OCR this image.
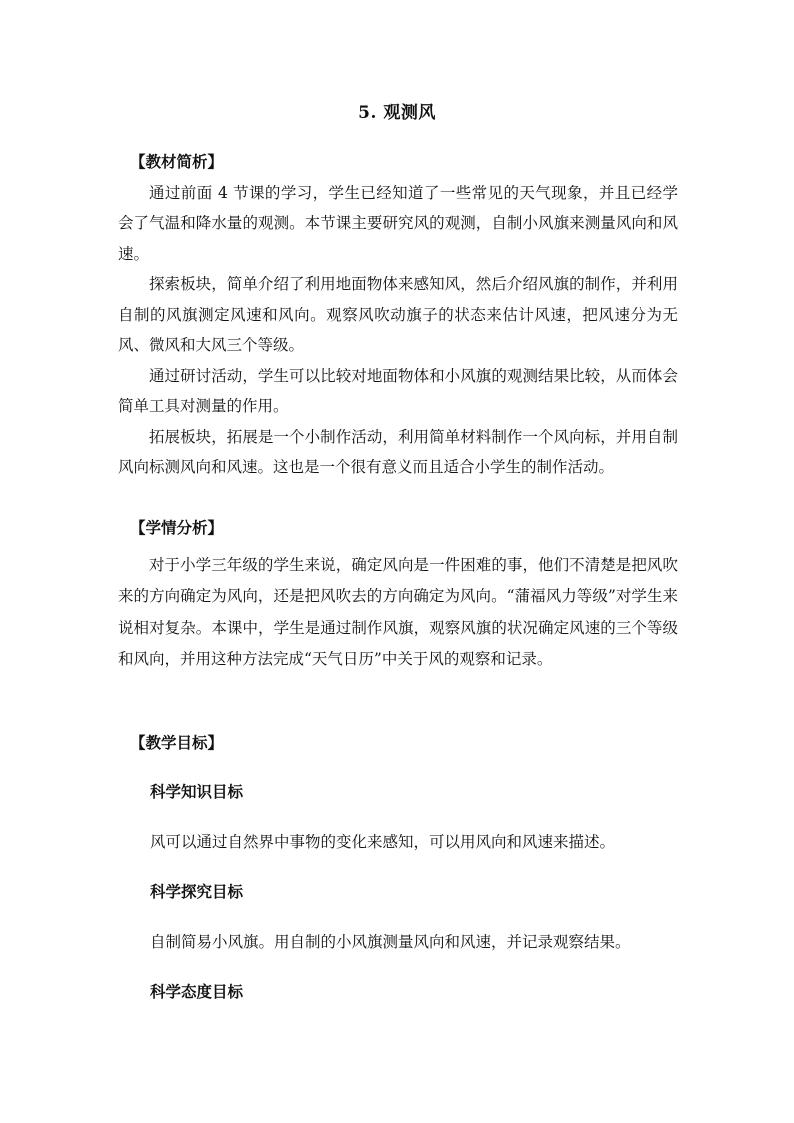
5. 观测风
【教材简析】

通过前面 4 节课的学习，学生已经知道了一些常见的天气现象，并且已经学会了气温和降水量的观测。本节课主要研究风的观测，自制小风旗来测量风向和风速。

探索板块，简单介绍了利用地面物体来感知风，然后介绍风旗的制作，并利用自制的风旗测定风速和风向。观察风吹动旗子的状态来估计风速，把风速分为无风、微风和大风三个等级。

通过研讨活动，学生可以比较对地面物体和小风旗的观测结果比较，从而体会简单工具对测量的作用。

拓展板块，拓展是一个小制作活动，利用简单材料制作一个风向标，并用自制风向标测风向和风速。这也是一个很有意义而且适合小学生的制作活动。

【学情分析】

对于小学三年级的学生来说，确定风向是一件困难的事，他们不清楚是把风吹来的方向确定为风向，还是把风吹去的方向确定为风向。“蒲福风力等级”对学生来说相对复杂。本课中，学生是通过制作风旗，观察风旗的状况确定风速的三个等级和风向，并用这种方法完成“天气日历”中关于风的观察和记录。

【教学目标】
科学知识目标
风可以通过自然界中事物的变化来感知，可以用风向和风速来描述。
科学探究目标
自制简易小风旗。用自制的小风旗测量风向和风速，并记录观察结果。
科学态度目标
